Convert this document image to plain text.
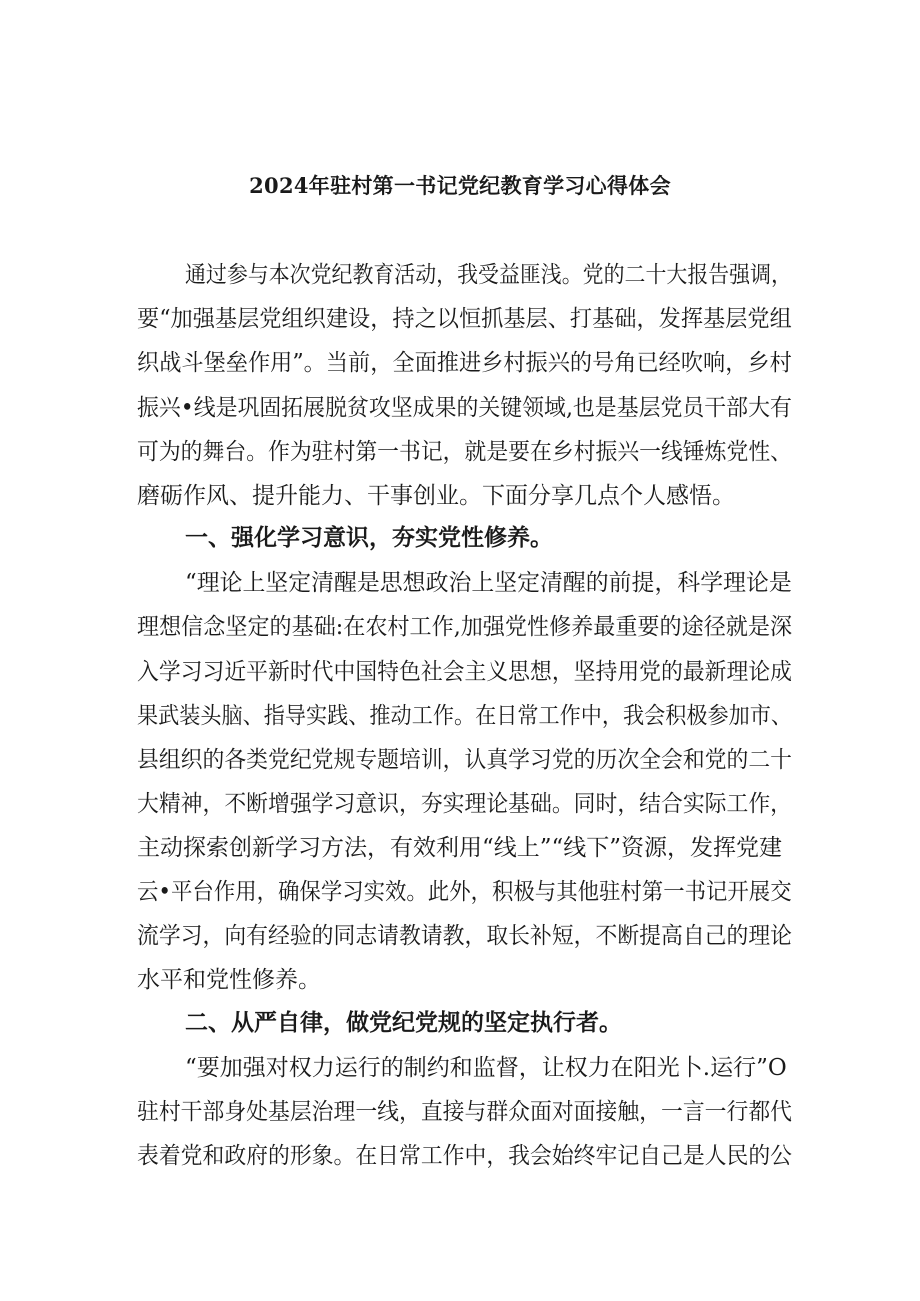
2024年驻村第一书记党纪教育学习心得体会

通过参与本次党纪教育活动，我受益匪浅。党的二十大报告强调，

要“加强基层党组织建设，持之以恒抓基层、打基础，发挥基层党组

织战斗堡垒作用”。当前，全面推进乡村振兴的号角已经吹响，乡村

振兴•线是巩固拓展脱贫攻坚成果的关键领域,也是基层党员干部大有

可为的舞台。作为驻村第一书记，就是要在乡村振兴一线锤炼党性、

磨砺作风、提升能力、干事创业。下面分享几点个人感悟。

一、强化学习意识，夯实党性修养。

“理论上坚定清醒是思想政治上坚定清醒的前提，科学理论是

理想信念坚定的基础:在农村工作,加强党性修养最重要的途径就是深

入学习习近平新时代中国特色社会主义思想，坚持用党的最新理论成

果武装头脑、指导实践、推动工作。在日常工作中，我会积极参加市、

县组织的各类党纪党规专题培训，认真学习党的历次全会和党的二十

大精神，不断增强学习意识，夯实理论基础。同时，结合实际工作，

主动探索创新学习方法，有效利用“线上”“线下”资源，发挥党建

云•平台作用，确保学习实效。此外，积极与其他驻村第一书记开展交

流学习，向有经验的同志请教请教，取长补短，不断提高自己的理论

水平和党性修养。

二、从严自律，做党纪党规的坚定执行者。

“要加强对权力运行的制约和监督，让权力在阳光卜.运行”O

驻村干部身处基层治理一线，直接与群众面对面接触，一言一行都代

表着党和政府的形象。在日常工作中，我会始终牢记自己是人民的公
